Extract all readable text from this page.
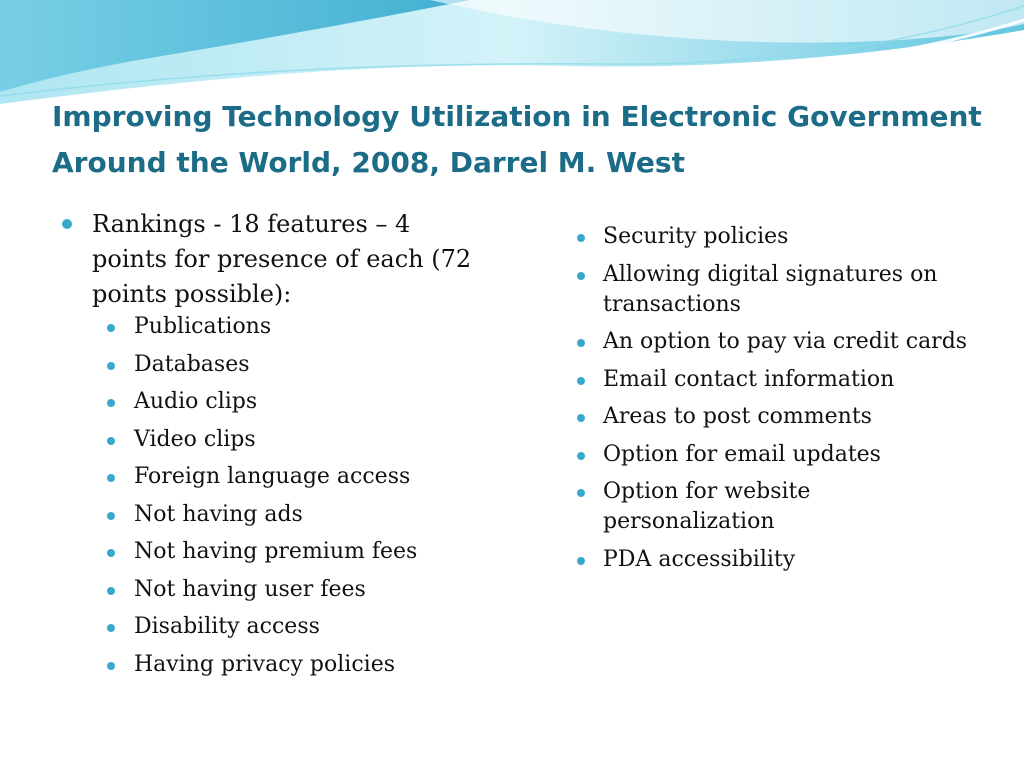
Improving Technology Utilization in Electronic Government Around the World, 2008, Darrel M. West
Rankings - 18 features – 4 points for presence of each (72 points possible):
Publications
Databases
Audio clips
Video clips
Foreign language access
Not having ads
Not having premium fees
Not having user fees
Disability access
Having privacy policies
Security policies
Allowing digital signatures on transactions
An option to pay via credit cards
Email contact information
Areas to post comments
Option for email updates
Option for website personalization
PDA accessibility
